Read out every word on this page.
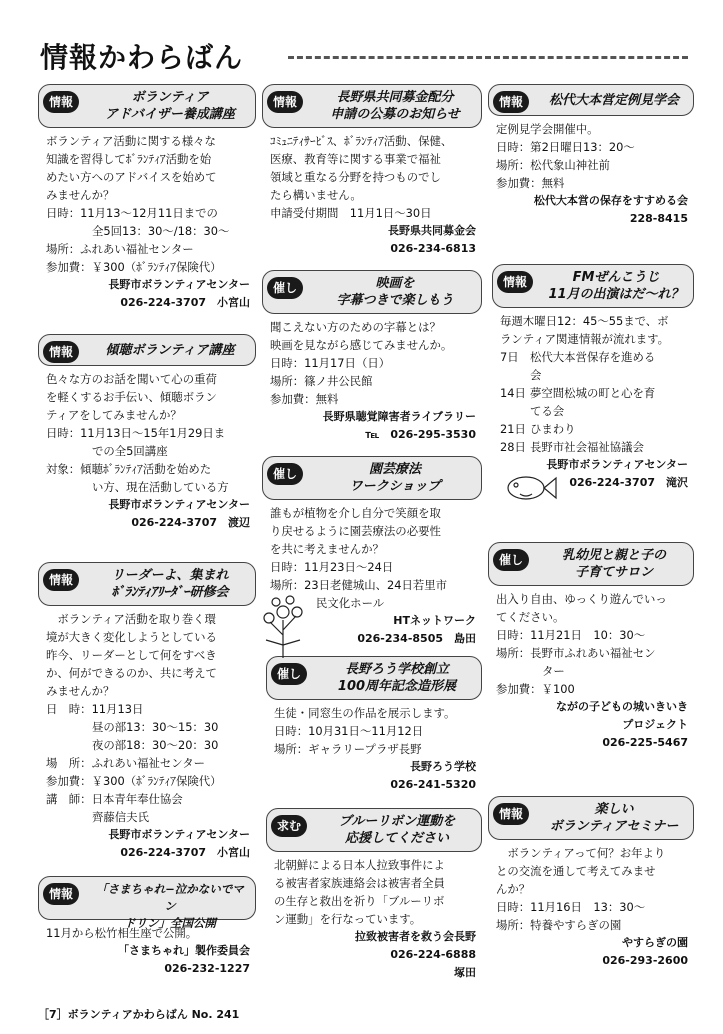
情報かわらばん
情報	ボランティア
アドバイザー養成講座

ボランティア活動に関する様々な

知識を習得してﾎﾞﾗﾝﾃｨｱ活動を始

めたい方へのアドバイスを始めて

みませんか？

日時：11月13〜12月11日までの

全5回13：30〜/18：30〜

場所：ふれあい福祉センター

参加費：￥300（ﾎﾞﾗﾝﾃｨｱ保険代）

長野市ボランティアセンター

026-224-3707　小宮山

情報	長野県共同募金配分
申請の公募のお知らせ

ｺﾐｭﾆﾃｨｻｰﾋﾞｽ、ﾎﾞﾗﾝﾃｨｱ活動、保健、

医療、教育等に関する事業で福祉

領域と重なる分野を持つものでし

たら構いません。

申請受付期間　11月1日〜30日

長野県共同募金会

026-234-6813

情報	松代大本営定例見学会

定例見学会開催中。

日時：第2日曜日13：20〜

場所：松代象山神社前

参加費：無料

松代大本営の保存をすすめる会

228-8415

情報	傾聴ボランティア講座

色々な方のお話を聞いて心の重荷

を軽くするお手伝い、傾聴ボラン

ティアをしてみませんか？

日時：11月13日〜15年1月29日ま

での全5回講座

対象：傾聴ﾎﾞﾗﾝﾃｨｱ活動を始めた

い方、現在活動している方

長野市ボランティアセンター

026-224-3707　渡辺

催し	映画を
字幕つきで楽しもう

聞こえない方のための字幕とは？

映画を見ながら感じてみませんか。

日時：11月17日（日）

場所：篠ノ井公民館

参加費：無料

長野県聴覚障害者ライブラリー

℡　026-295-3530

情報	FMぜんこうじ
11月の出演はだ〜れ？

毎週木曜日12：45〜55まで、ボ

ランティア関連情報が流れます。

7日 松代大本営保存を進める

会

14日 夢空間松城の町と心を育

てる会

21日 ひまわり

28日 長野市社会福祉協議会

長野市ボランティアセンター

026-224-3707　滝沢

催し	園芸療法
ワークショップ

誰もが植物を介し自分で笑顔を取

り戻せるように園芸療法の必要性

を共に考えませんか？

日時：11月23日〜24日

場所：23日老健城山、24日若里市

民文化ホール

HTネットワーク

026-234-8505　島田

情報	リーダーよ、集まれ
ﾎﾞﾗﾝﾃｨｱﾘｰﾀﾞｰ研修会

　ボランティア活動を取り巻く環

境が大きく変化しようとしている

昨今、リーダーとして何をすべき

か、何ができるのか、共に考えて

みませんか？

日　時：11月13日

昼の部13：30〜15：30

夜の部18：30〜20：30

場　所：ふれあい福祉センター

参加費：￥300（ﾎﾞﾗﾝﾃｨｱ保険代）

講　師：日本青年奉仕協会

齊藤信夫氏

長野市ボランティアセンター

026-224-3707　小宮山

催し	乳幼児と親と子の
子育てサロン

出入り自由、ゆっくり遊んでいっ

てください。

日時：11月21日　10：30〜

場所：長野市ふれあい福祉セン

ター

参加費：￥100

ながの子どもの城いきいき

プロジェクト

026-225-5467

催し	長野ろう学校創立
100周年記念造形展

生徒・同窓生の作品を展示します。

日時：10月31日〜11月12日

場所：ギャラリープラザ長野

長野ろう学校

026-241-5320

求む	ブルーリボン運動を
応援してください

北朝鮮による日本人拉致事件によ

る被害者家族連絡会は被害者全員

の生存と救出を祈り「ブルーリボ

ン運動」を行なっています。

拉致被害者を救う会長野

026-224-6888

塚田

情報	楽しい
ボランティアセミナー

　ボランティアって何？お年より

との交流を通して考えてみませ

んか？

日時：11月16日　13：30〜

場所：特養やすらぎの園

やすらぎの園

026-293-2600

情報	「さまちゃれ−泣かないでマン
ドリン」全国公開

11月から松竹相生座で公開。

「さまちゃれ」製作委員会

026-232-1227

［7］ボランティアかわらばん No. 241
